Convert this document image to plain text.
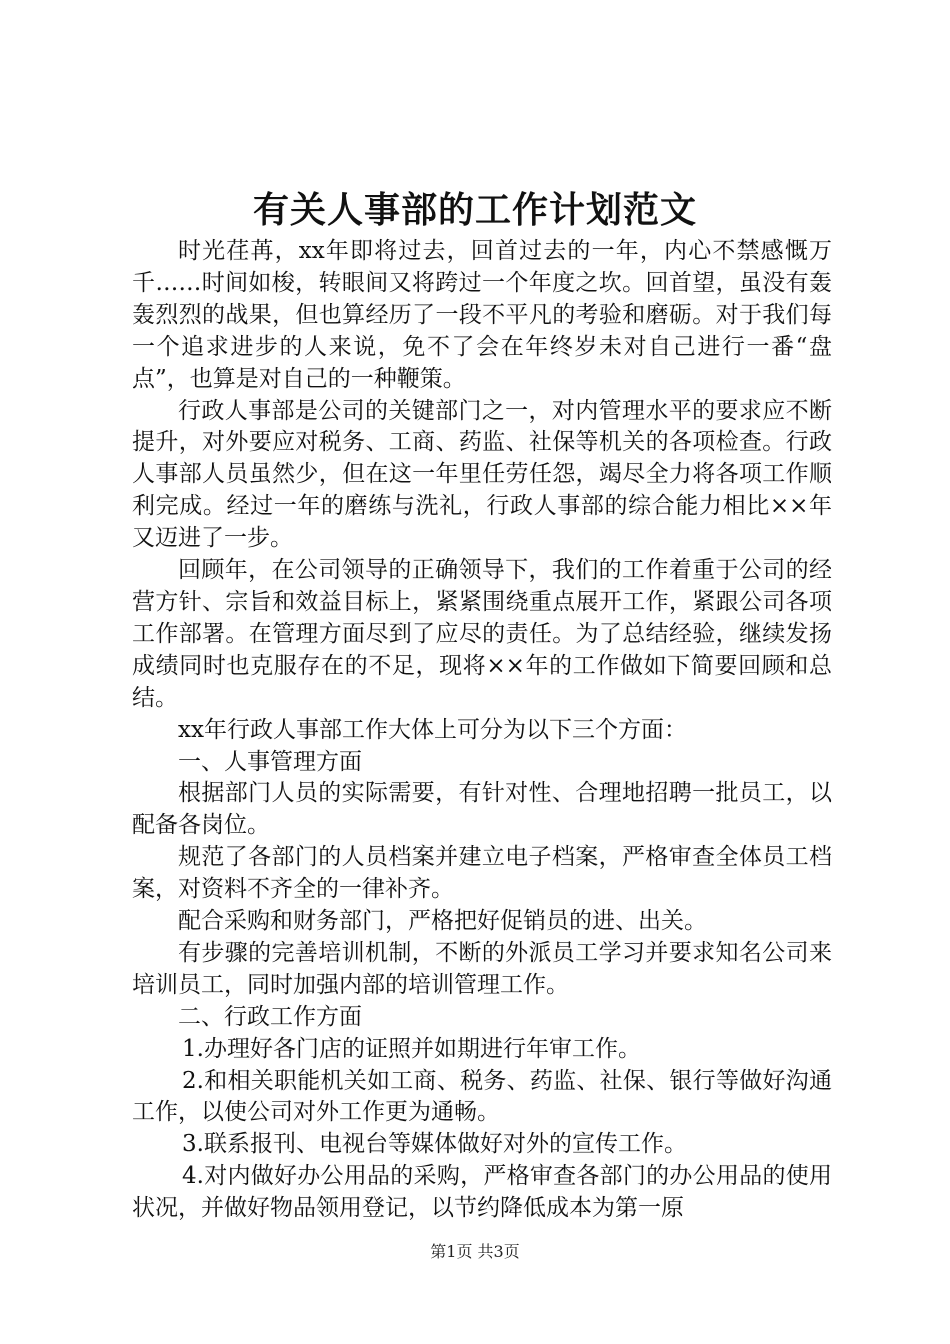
有关人事部的工作计划范文

时光荏苒，xx年即将过去，回首过去的一年，内心不禁感慨万千……时间如梭，转眼间又将跨过一个年度之坎。回首望，虽没有轰轰烈烈的战果，但也算经历了一段不平凡的考验和磨砺。对于我们每一个追求进步的人来说，免不了会在年终岁未对自己进行一番“盘点”，也算是对自己的一种鞭策。

行政人事部是公司的关键部门之一，对内管理水平的要求应不断提升，对外要应对税务、工商、药监、社保等机关的各项检查。行政人事部人员虽然少，但在这一年里任劳任怨，竭尽全力将各项工作顺利完成。经过一年的磨练与洗礼，行政人事部的综合能力相比××年又迈进了一步。

回顾年，在公司领导的正确领导下，我们的工作着重于公司的经营方针、宗旨和效益目标上，紧紧围绕重点展开工作，紧跟公司各项工作部署。在管理方面尽到了应尽的责任。为了总结经验，继续发扬成绩同时也克服存在的不足，现将××年的工作做如下简要回顾和总结。

xx年行政人事部工作大体上可分为以下三个方面：

一、人事管理方面

根据部门人员的实际需要，有针对性、合理地招聘一批员工，以配备各岗位。

规范了各部门的人员档案并建立电子档案，严格审查全体员工档案，对资料不齐全的一律补齐。

配合采购和财务部门，严格把好促销员的进、出关。

有步骤的完善培训机制，不断的外派员工学习并要求知名公司来培训员工，同时加强内部的培训管理工作。

二、行政工作方面

1.办理好各门店的证照并如期进行年审工作。

2.和相关职能机关如工商、税务、药监、社保、银行等做好沟通工作，以使公司对外工作更为通畅。

3.联系报刊、电视台等媒体做好对外的宣传工作。

4.对内做好办公用品的采购，严格审查各部门的办公用品的使用状况，并做好物品领用登记，以节约降低成本为第一原

第1页 共3页
